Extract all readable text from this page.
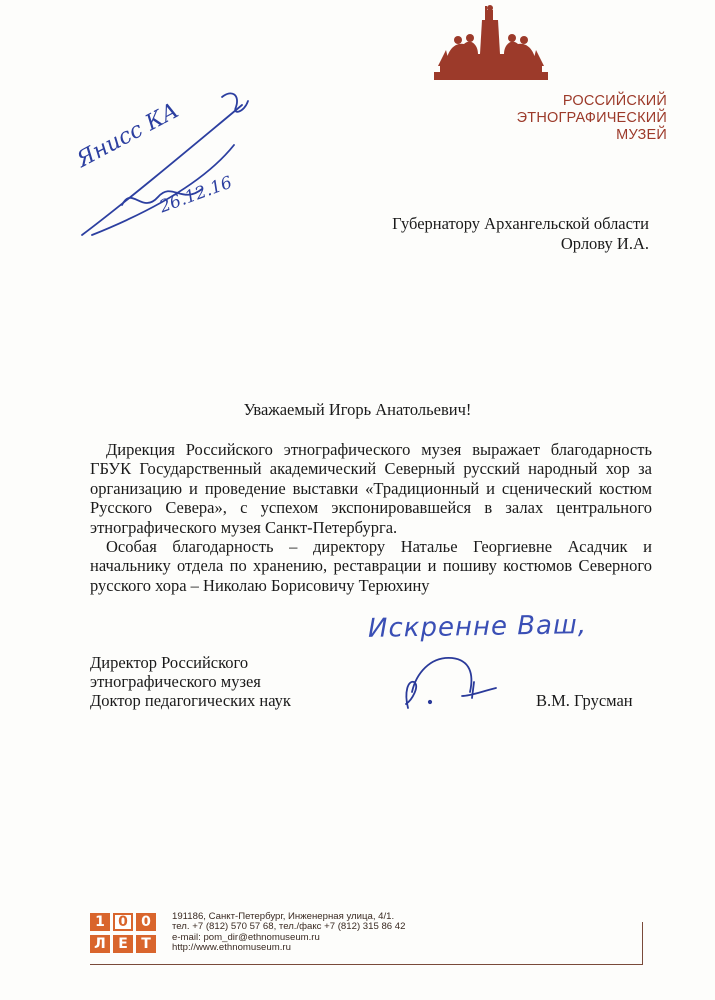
РОССИЙСКИЙ
ЭТНОГРАФИЧЕСКИЙ
МУЗЕЙ
Янисс КА
26.12.16
Губернатору Архангельской области
Орлову И.А.
Уважаемый Игорь Анатольевич!

Дирекция Российского этнографического музея выражает благодарность ГБУК Государственный академический Северный русский народный хор за организацию и проведение выставки «Традиционный и сценический костюм Русского Севера», с успехом экспонировавшейся в залах центрального этнографического музея Санкт-Петербурга.

Особая благодарность – директору Наталье Георгиевне Асадчик и начальнику отдела по хранению, реставрации и пошиву костюмов Северного русского хора – Николаю Борисовичу Терюхину

Искренне Ваш,
Директор Российского
этнографического музея
Доктор педагогических наук	В.М. Грусман
1 0 0
Л Е Т
191186, Санкт-Петербург, Инженерная улица, 4/1.
тел. +7 (812) 570 57 68, тел./факс +7 (812) 315 86 42
e-mail: pom_dir@ethnomuseum.ru
http://www.ethnomuseum.ru
